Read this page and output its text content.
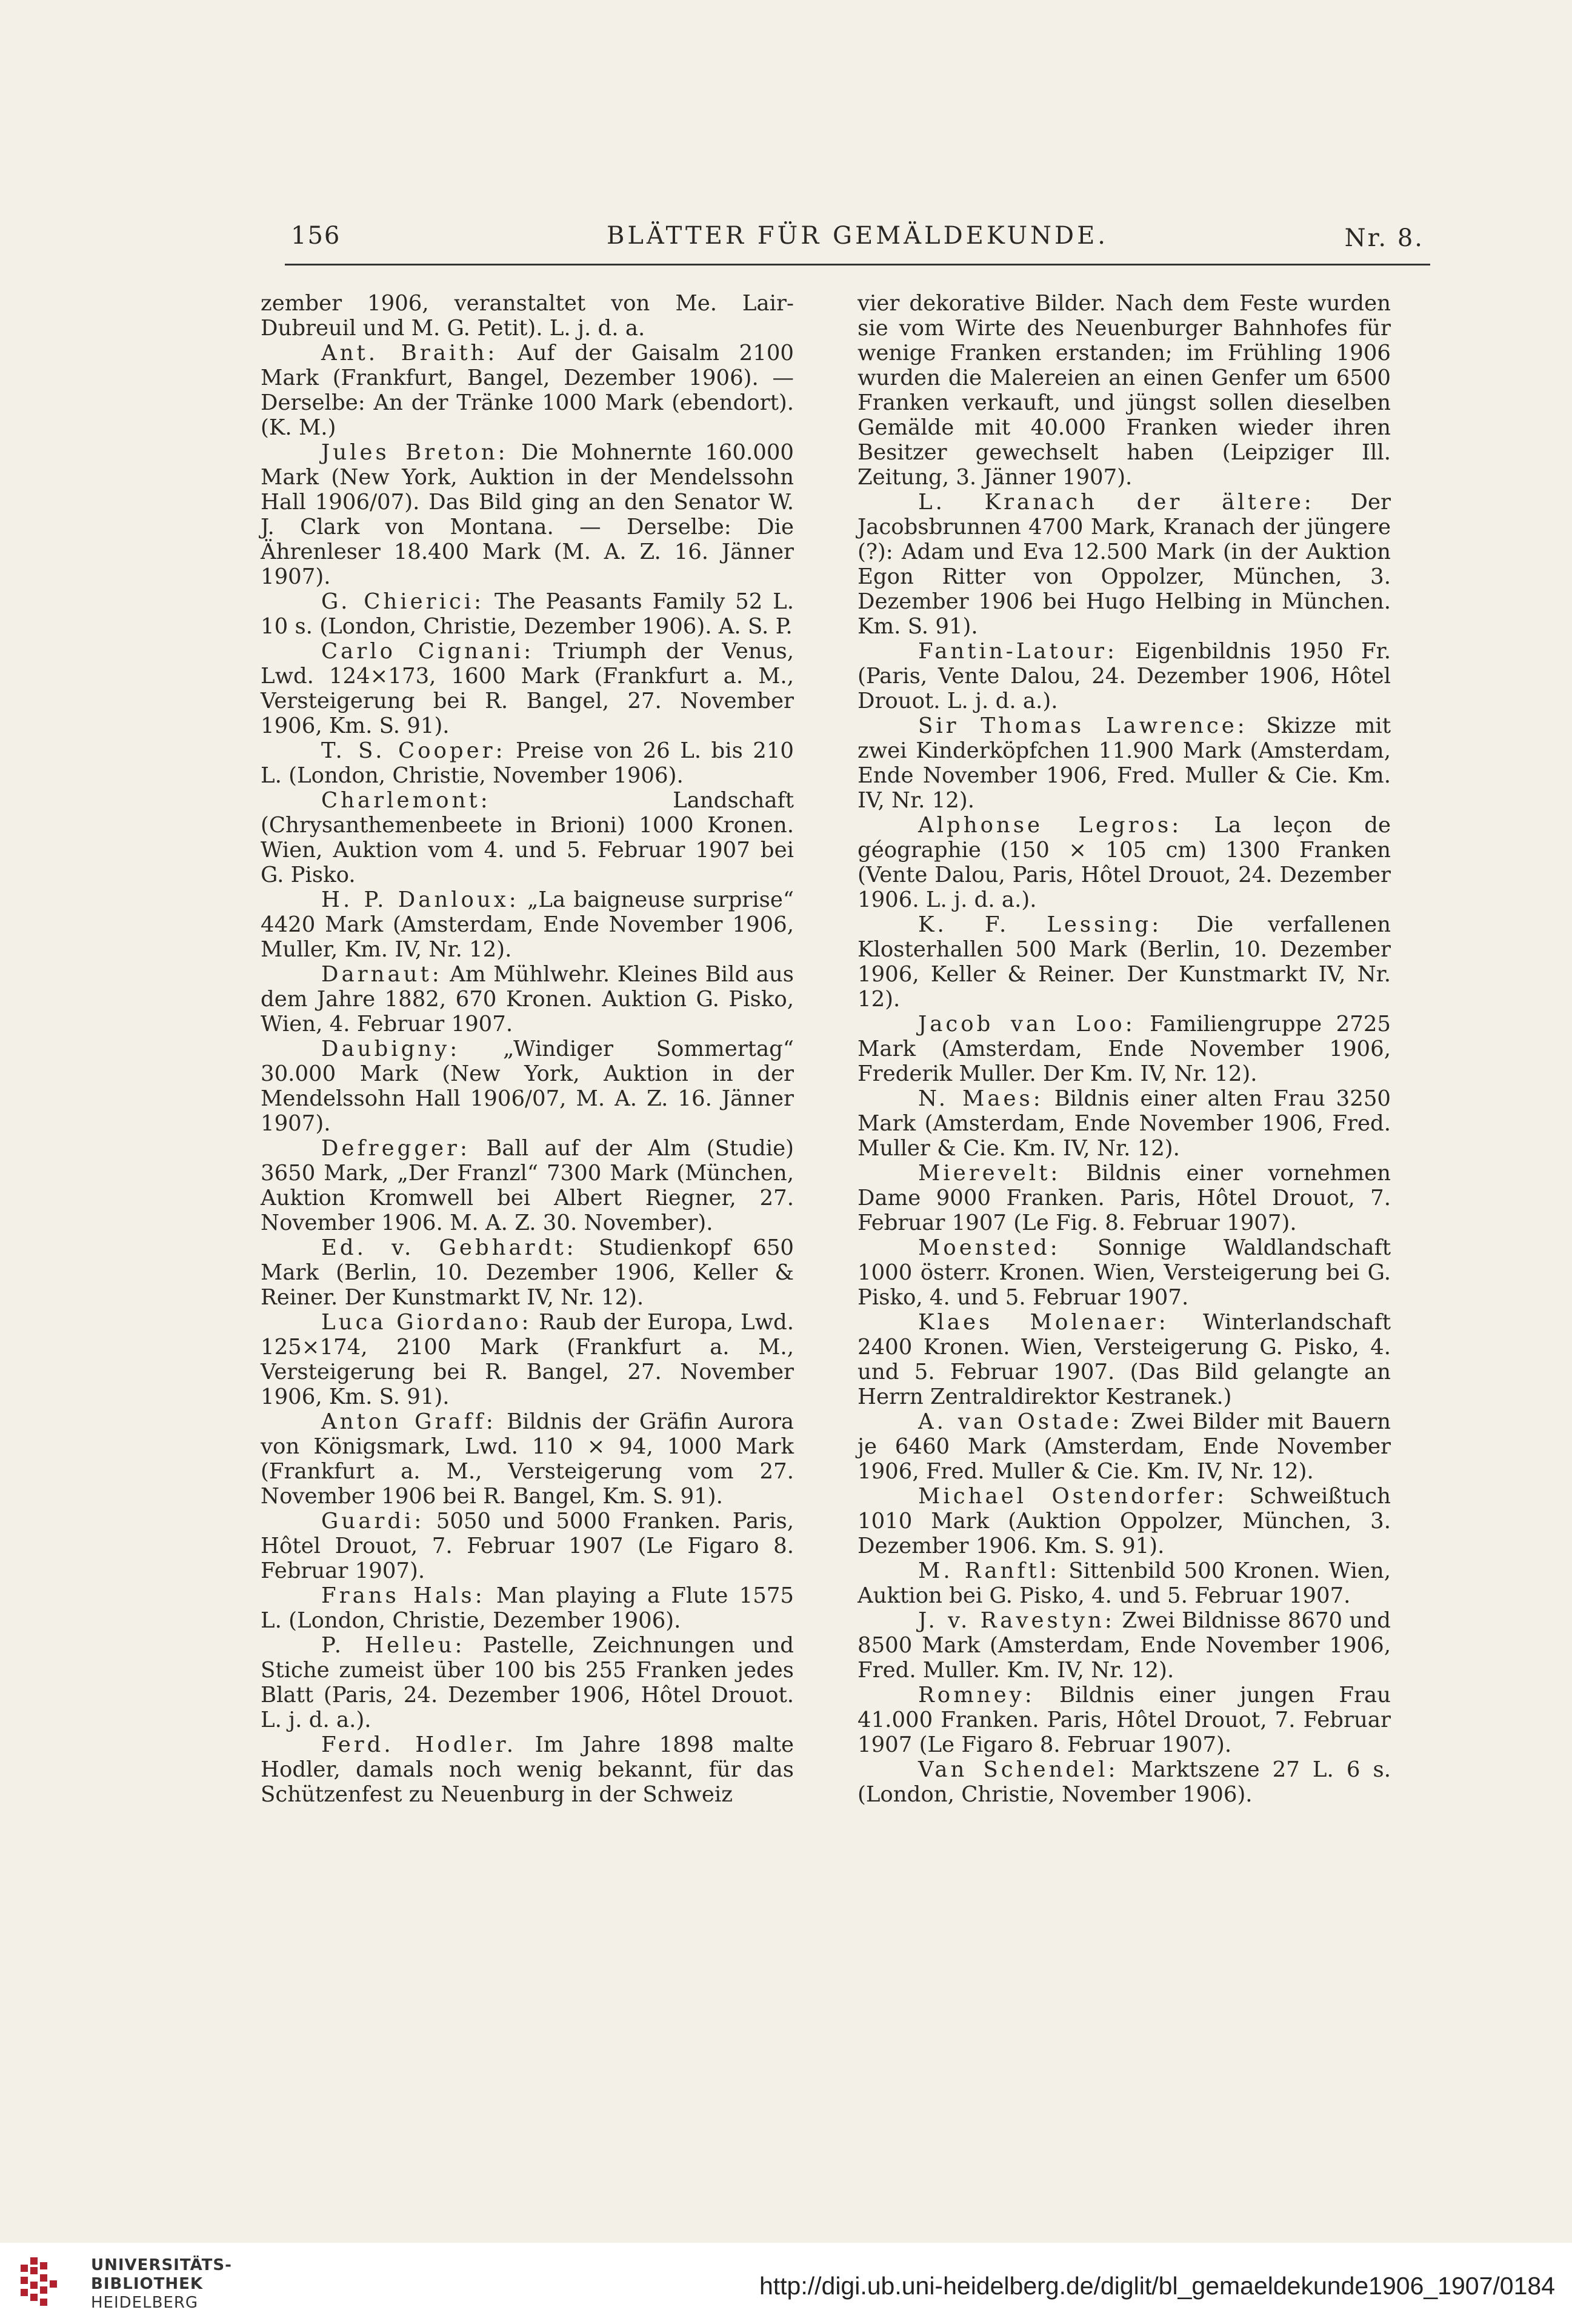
156	BLÄTTER FÜR GEMÄLDEKUNDE.	Nr. 8.

zember 1906, veranstaltet von Me. Lair-Dubreuil und M. G. Petit). L. j. d. a.

Ant. Braith: Auf der Gaisalm 2100 Mark (Frankfurt, Bangel, Dezember 1906). — Derselbe: An der Tränke 1000 Mark (ebendort). (K. M.)

Jules Breton: Die Mohnernte 160.000 Mark (New York, Auktion in der Mendelssohn Hall 1906/07). Das Bild ging an den Senator W. J. Clark von Montana. — Derselbe: Die Ährenleser 18.400 Mark (M. A. Z. 16. Jänner 1907).

G. Chierici: The Peasants Family 52 L. 10 s. (London, Christie, Dezember 1906). A. S. P.

Carlo Cignani: Triumph der Venus, Lwd. 124×173, 1600 Mark (Frankfurt a. M., Versteigerung bei R. Bangel, 27. November 1906, Km. S. 91).

T. S. Cooper: Preise von 26 L. bis 210 L. (London, Christie, November 1906).

Charlemont: Landschaft (Chrysanthemenbeete in Brioni) 1000 Kronen. Wien, Auktion vom 4. und 5. Februar 1907 bei G. Pisko.

H. P. Danloux: „La baigneuse surprise“ 4420 Mark (Amsterdam, Ende November 1906, Muller, Km. IV, Nr. 12).

Darnaut: Am Mühlwehr. Kleines Bild aus dem Jahre 1882, 670 Kronen. Auktion G. Pisko, Wien, 4. Februar 1907.

Daubigny: „Windiger Sommertag“ 30.000 Mark (New York, Auktion in der Mendelssohn Hall 1906/07, M. A. Z. 16. Jänner 1907).

Defregger: Ball auf der Alm (Studie) 3650 Mark, „Der Franzl“ 7300 Mark (München, Auktion Kromwell bei Albert Riegner, 27. November 1906. M. A. Z. 30. November).

Ed. v. Gebhardt: Studienkopf 650 Mark (Berlin, 10. Dezember 1906, Keller & Reiner. Der Kunstmarkt IV, Nr. 12).

Luca Giordano: Raub der Europa, Lwd. 125×174, 2100 Mark (Frankfurt a. M., Versteigerung bei R. Bangel, 27. November 1906, Km. S. 91).

Anton Graff: Bildnis der Gräfin Aurora von Königsmark, Lwd. 110 × 94, 1000 Mark (Frankfurt a. M., Versteigerung vom 27. November 1906 bei R. Bangel, Km. S. 91).

Guardi: 5050 und 5000 Franken. Paris, Hôtel Drouot, 7. Februar 1907 (Le Figaro 8. Februar 1907).

Frans Hals: Man playing a Flute 1575 L. (London, Christie, Dezember 1906).

P. Helleu: Pastelle, Zeichnungen und Stiche zumeist über 100 bis 255 Franken jedes Blatt (Paris, 24. Dezember 1906, Hôtel Drouot. L. j. d. a.).

Ferd. Hodler. Im Jahre 1898 malte Hodler, damals noch wenig bekannt, für das Schützenfest zu Neuenburg in der Schweiz

vier dekorative Bilder. Nach dem Feste wurden sie vom Wirte des Neuenburger Bahnhofes für wenige Franken erstanden; im Frühling 1906 wurden die Malereien an einen Genfer um 6500 Franken verkauft, und jüngst sollen dieselben Gemälde mit 40.000 Franken wieder ihren Besitzer gewechselt haben (Leipziger Ill. Zeitung, 3. Jänner 1907).

L. Kranach der ältere: Der Jacobsbrunnen 4700 Mark, Kranach der jüngere (?): Adam und Eva 12.500 Mark (in der Auktion Egon Ritter von Oppolzer, München, 3. Dezember 1906 bei Hugo Helbing in München. Km. S. 91).

Fantin-Latour: Eigenbildnis 1950 Fr. (Paris, Vente Dalou, 24. Dezember 1906, Hôtel Drouot. L. j. d. a.).

Sir Thomas Lawrence: Skizze mit zwei Kinderköpfchen 11.900 Mark (Amsterdam, Ende November 1906, Fred. Muller & Cie. Km. IV, Nr. 12).

Alphonse Legros: La leçon de géographie (150 × 105 cm) 1300 Franken (Vente Dalou, Paris, Hôtel Drouot, 24. Dezember 1906. L. j. d. a.).

K. F. Lessing: Die verfallenen Klosterhallen 500 Mark (Berlin, 10. Dezember 1906, Keller & Reiner. Der Kunstmarkt IV, Nr. 12).

Jacob van Loo: Familiengruppe 2725 Mark (Amsterdam, Ende November 1906, Frederik Muller. Der Km. IV, Nr. 12).

N. Maes: Bildnis einer alten Frau 3250 Mark (Amsterdam, Ende November 1906, Fred. Muller & Cie. Km. IV, Nr. 12).

Mierevelt: Bildnis einer vornehmen Dame 9000 Franken. Paris, Hôtel Drouot, 7. Februar 1907 (Le Fig. 8. Februar 1907).

Moensted: Sonnige Waldlandschaft 1000 österr. Kronen. Wien, Versteigerung bei G. Pisko, 4. und 5. Februar 1907.

Klaes Molenaer: Winterlandschaft 2400 Kronen. Wien, Versteigerung G. Pisko, 4. und 5. Februar 1907. (Das Bild gelangte an Herrn Zentraldirektor Kestranek.)

A. van Ostade: Zwei Bilder mit Bauern je 6460 Mark (Amsterdam, Ende November 1906, Fred. Muller & Cie. Km. IV, Nr. 12).

Michael Ostendorfer: Schweißtuch 1010 Mark (Auktion Oppolzer, München, 3. Dezember 1906. Km. S. 91).

M. Ranftl: Sittenbild 500 Kronen. Wien, Auktion bei G. Pisko, 4. und 5. Februar 1907.

J. v. Ravestyn: Zwei Bildnisse 8670 und 8500 Mark (Amsterdam, Ende November 1906, Fred. Muller. Km. IV, Nr. 12).

Romney: Bildnis einer jungen Frau 41.000 Franken. Paris, Hôtel Drouot, 7. Februar 1907 (Le Figaro 8. Februar 1907).

Van Schendel: Marktszene 27 L. 6 s. (London, Christie, November 1906).

UNIVERSITÄTS-
BIBLIOTHEK
HEIDELBERG
http://digi.ub.uni-heidelberg.de/diglit/bl_gemaeldekunde1906_1907/0184
